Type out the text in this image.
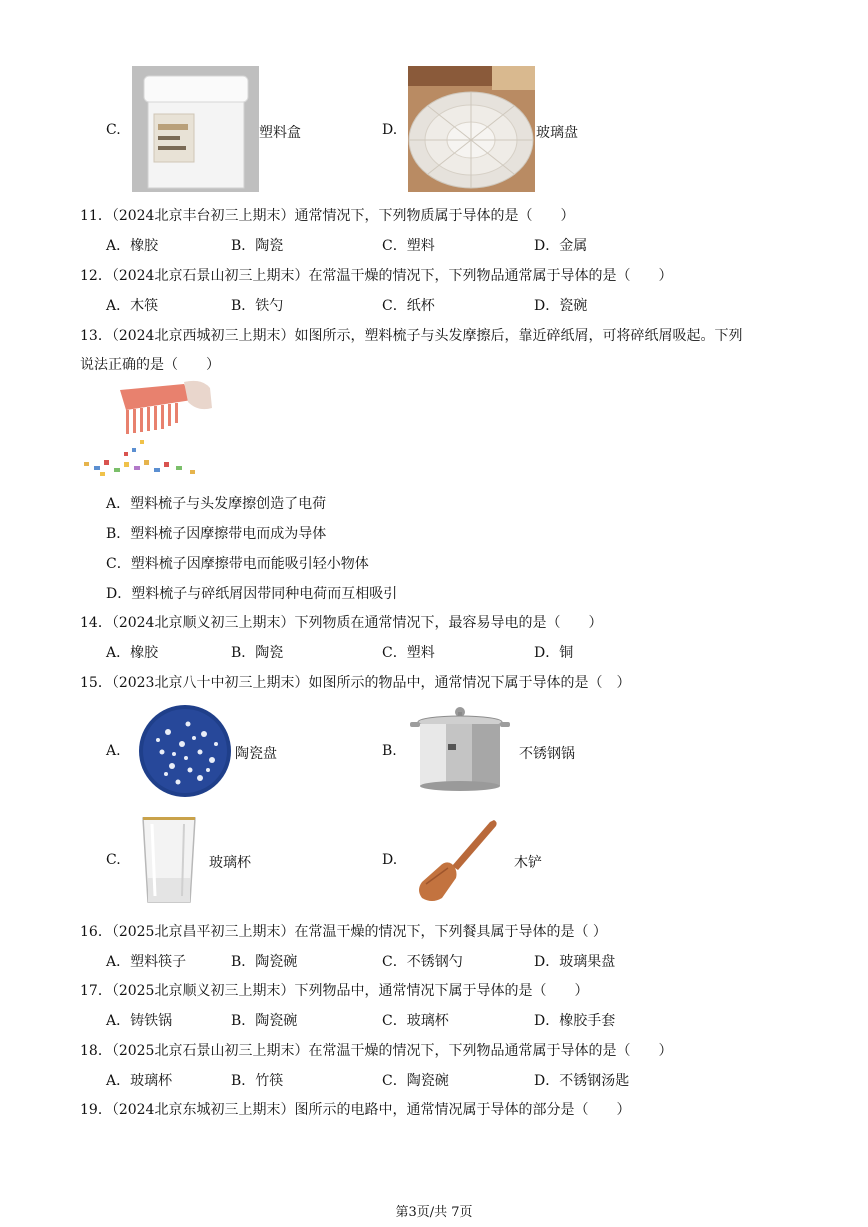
C.	塑料盒	D.	玻璃盘
11．（2024北京丰台初三上期末）通常情况下，下列物质属于导体的是（　　）
A．橡胶	B．陶瓷	C．塑料	D．金属
12．（2024北京石景山初三上期末）在常温干燥的情况下，下列物品通常属于导体的是（　　）
A．木筷	B．铁勺	C．纸杯	D．瓷碗
13．（2024北京西城初三上期末）如图所示，塑料梳子与头发摩擦后，靠近碎纸屑，可将碎纸屑吸起。下列
说法正确的是（　　）
A．塑料梳子与头发摩擦创造了电荷
B．塑料梳子因摩擦带电而成为导体
C．塑料梳子因摩擦带电而能吸引轻小物体
D．塑料梳子与碎纸屑因带同种电荷而互相吸引
14．（2024北京顺义初三上期末）下列物质在通常情况下，最容易导电的是（　　）
A．橡胶	B．陶瓷	C．塑料	D．铜
15．（2023北京八十中初三上期末）如图所示的物品中，通常情况下属于导体的是（　）
A.	陶瓷盘	B.	不锈钢锅
C.	玻璃杯	D.	木铲
16．（2025北京昌平初三上期末）在常温干燥的情况下，下列餐具属于导体的是（ ）
A．塑料筷子	B．陶瓷碗	C．不锈钢勺	D．玻璃果盘
17．（2025北京顺义初三上期末）下列物品中，通常情况下属于导体的是（　　）
A．铸铁锅	B．陶瓷碗	C．玻璃杯	D．橡胶手套
18．（2025北京石景山初三上期末）在常温干燥的情况下，下列物品通常属于导体的是（　　）
A．玻璃杯	B．竹筷	C．陶瓷碗	D．不锈钢汤匙
19．（2024北京东城初三上期末）图所示的电路中，通常情况属于导体的部分是（　　）
第3页/共 7页
